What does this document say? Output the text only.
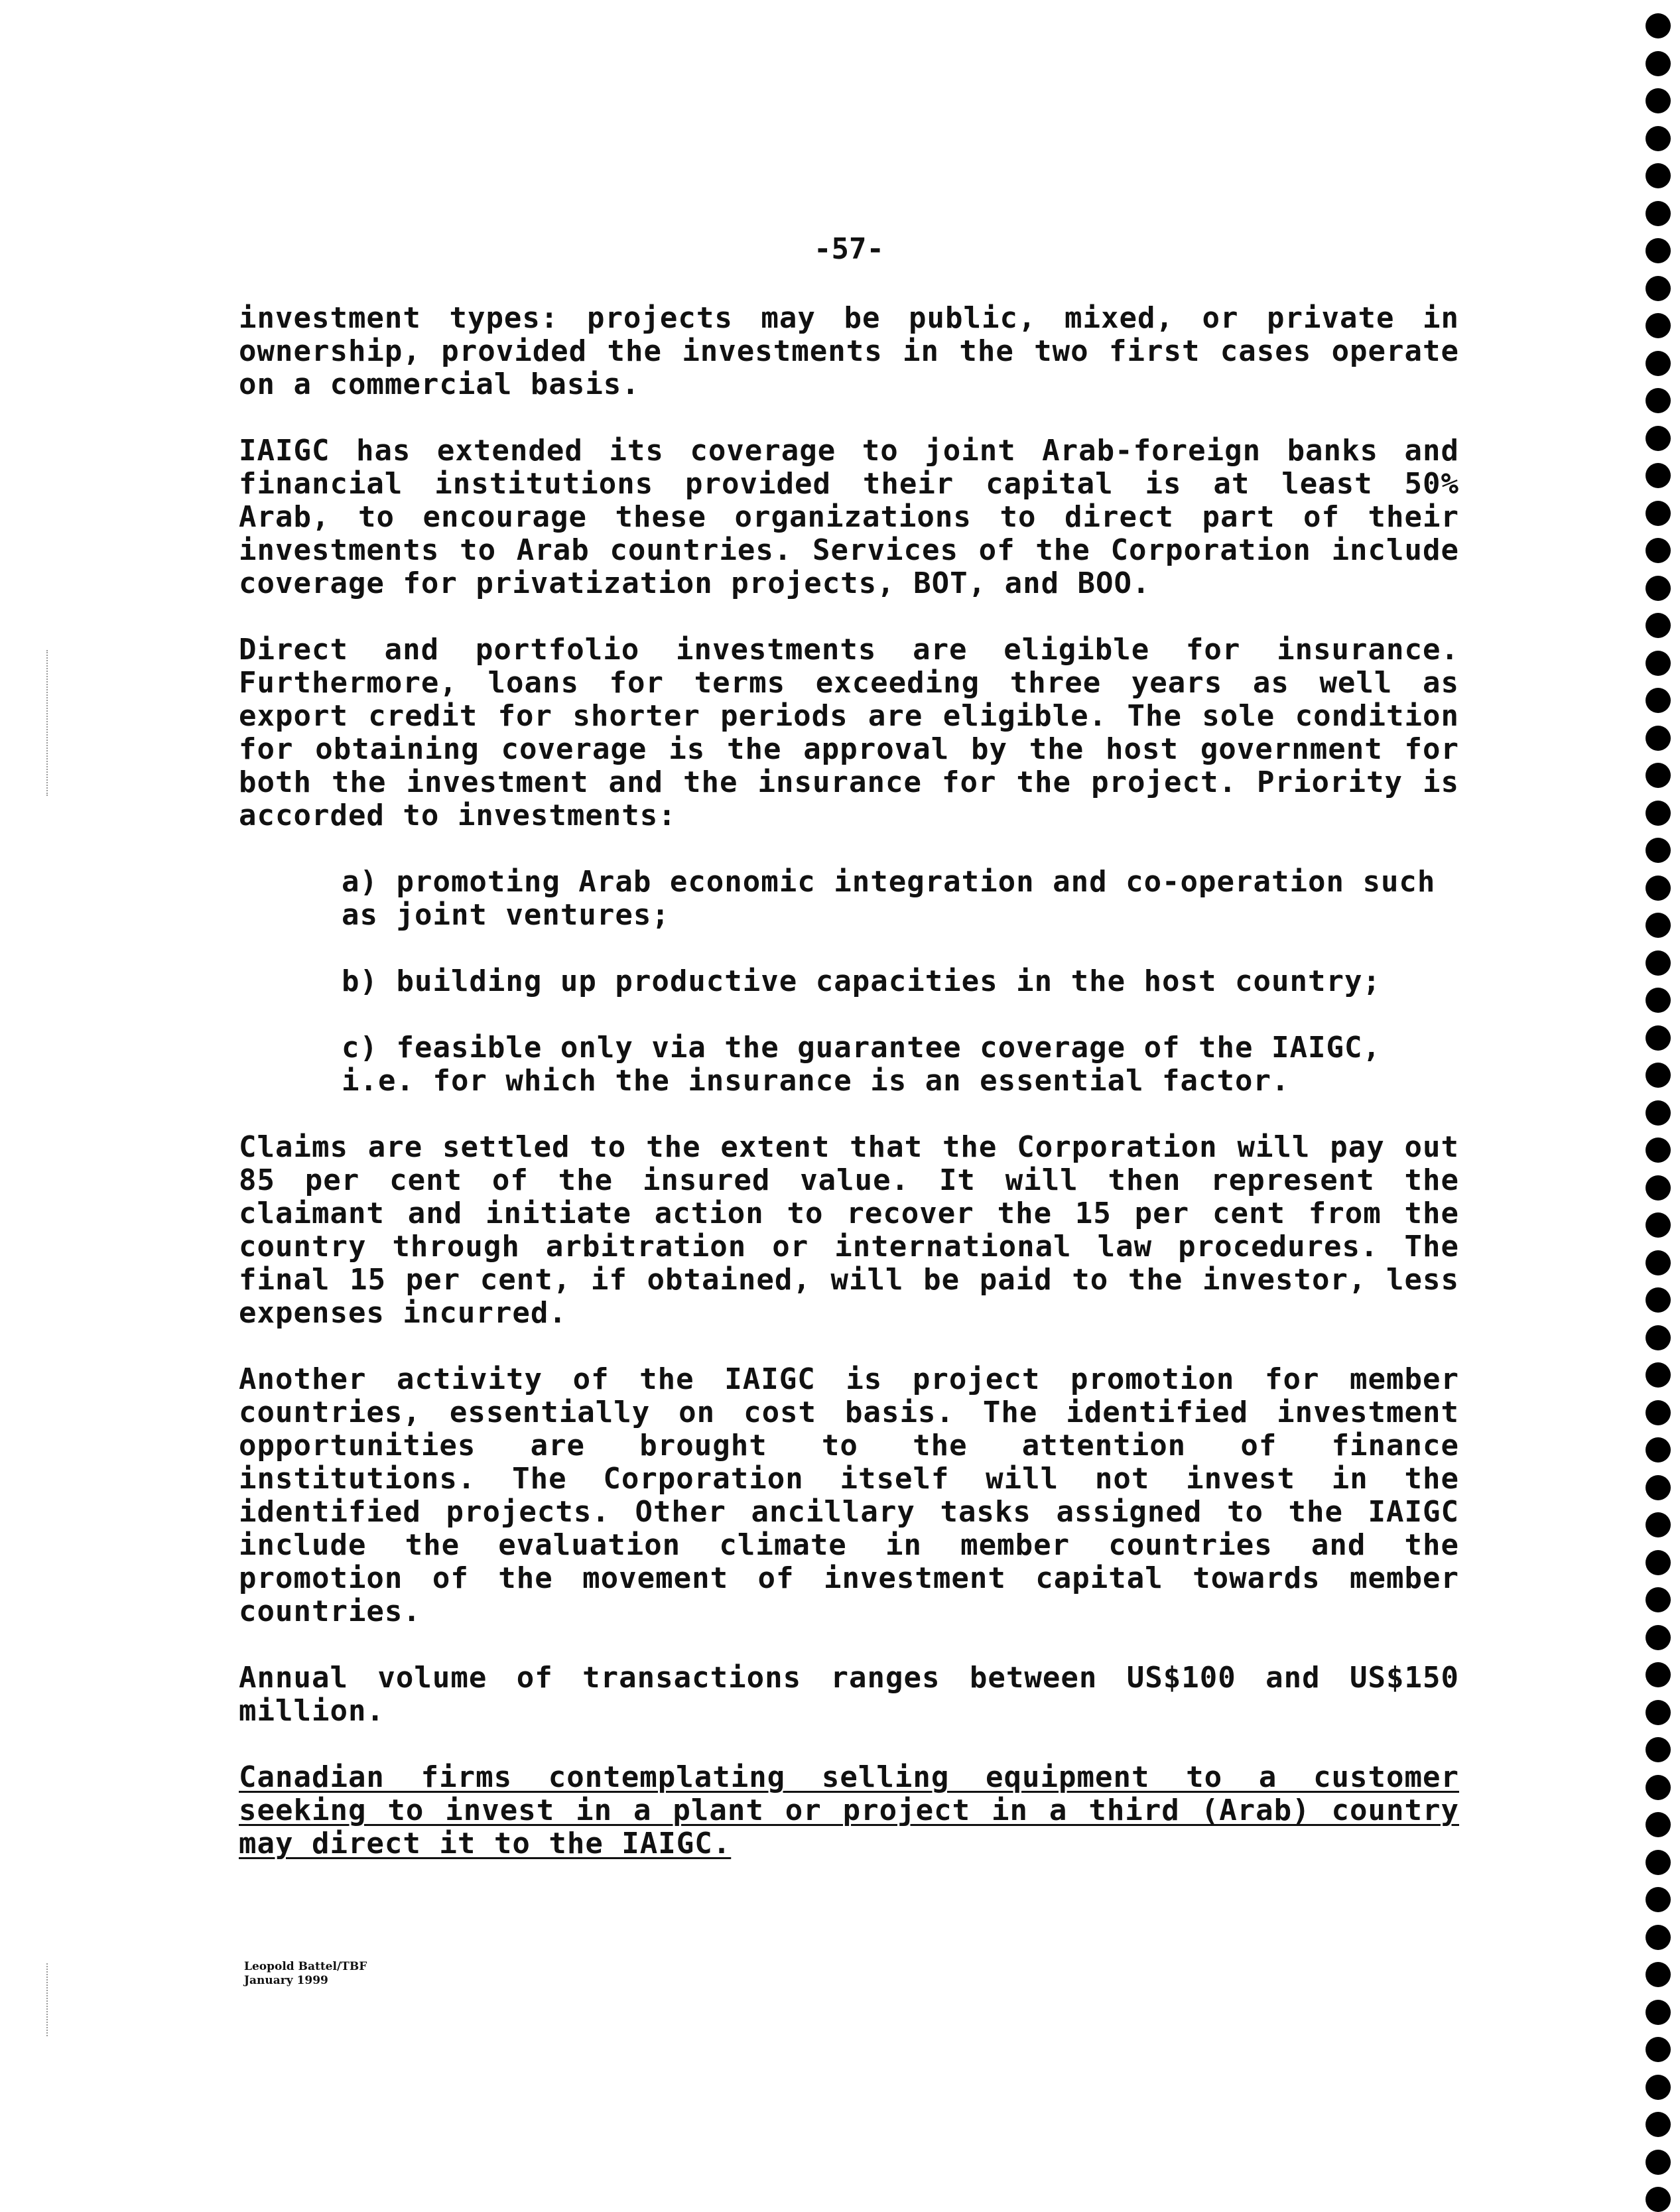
-57-

investment types: projects may be public, mixed, or private in ownership, provided the investments in the two first cases operate on a commercial basis.

IAIGC has extended its coverage to joint Arab-foreign banks and financial institutions provided their capital is at least 50% Arab, to encourage these organizations to direct part of their investments to Arab countries. Services of the Corporation include coverage for privatization projects, BOT, and BOO.

Direct and portfolio investments are eligible for insurance. Furthermore, loans for terms exceeding three years as well as export credit for shorter periods are eligible. The sole condition for obtaining coverage is the approval by the host government for both the investment and the insurance for the project. Priority is accorded to investments:

a) promoting Arab economic integration and co-operation such as joint ventures;

b) building up productive capacities in the host country;

c) feasible only via the guarantee coverage of the IAIGC, i.e. for which the insurance is an essential factor.

Claims are settled to the extent that the Corporation will pay out 85 per cent of the insured value. It will then represent the claimant and initiate action to recover the 15 per cent from the country through arbitration or international law procedures. The final 15 per cent, if obtained, will be paid to the investor, less expenses incurred.

Another activity of the IAIGC is project promotion for member countries, essentially on cost basis. The identified investment opportunities are brought to the attention of finance institutions. The Corporation itself will not invest in the identified projects. Other ancillary tasks assigned to the IAIGC include the evaluation climate in member countries and the promotion of the movement of investment capital towards member countries.

Annual volume of transactions ranges between US$100 and US$150 million.

Canadian firms contemplating selling equipment to a customer seeking to invest in a plant or project in a third (Arab) country may direct it to the IAIGC.

Leopold Battel/TBF
January 1999
